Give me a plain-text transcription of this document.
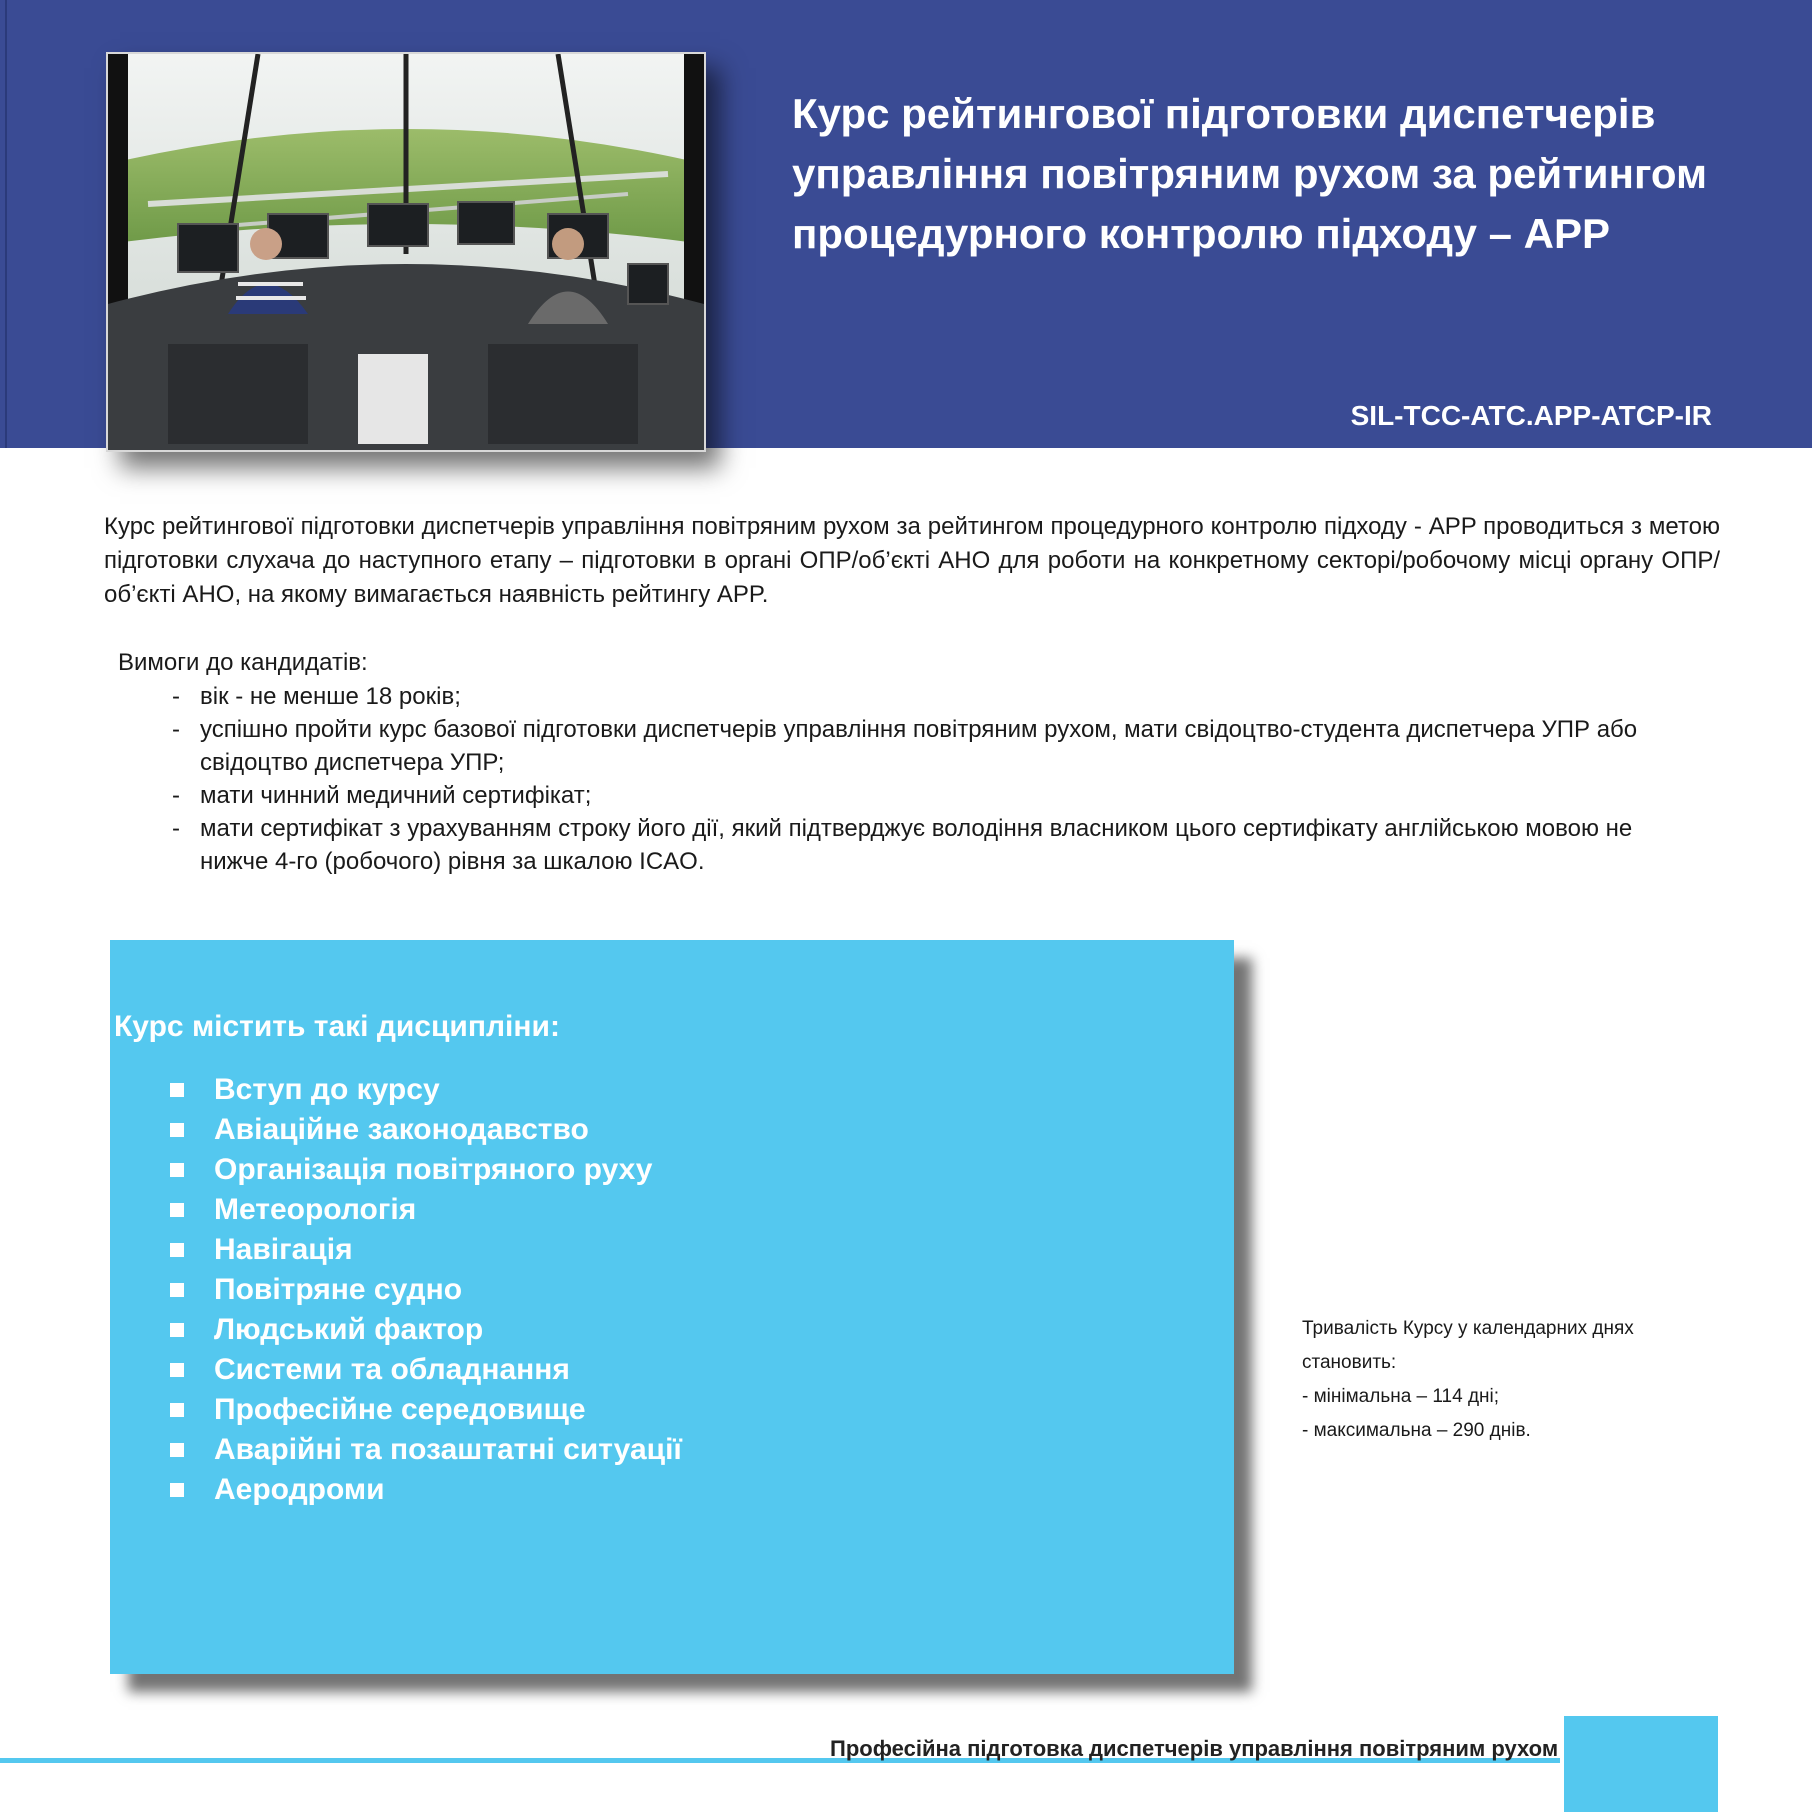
Курс рейтингової підготовки диспетчерів управління повітряним рухом за рейтингом процедурного контролю підходу – APP
SIL-TCC-ATC.APP-ATCP-IR

Курс рейтингової підготовки диспетчерів управління повітряним рухом за рейтингом процедурного контролю підходу - APP проводиться з метою підготовки слухача до наступного етапу – підготовки в органі ОПР/об’єкті АНО для роботи на конкретному секторі/робочому місці органу ОПР/об’єкті АНО, на якому вимагається наявність рейтингу APP.

Вимоги до кандидатів:
- вік - не менше 18 років;
- успішно пройти курс базової підготовки диспетчерів управління повітряним рухом, мати свідоцтво-студента диспетчера УПР або свідоцтво диспетчера УПР;
- мати чинний медичний сертифікат;
- мати сертифікат з урахуванням строку його дії, який підтверджує володіння власником цього сертифікату англійською мовою не нижче 4-го (робочого) рівня за шкалою ICAO.
Курс містить такі дисципліни:
Вступ до курсу
Авіаційне законодавство
Організація повітряного руху
Метеорологія
Навігація
Повітряне судно
Людський фактор
Системи та обладнання
Професійне середовище
Аварійні та позаштатні ситуації
Аеродроми
Тривалість Курсу у календарних днях
становить:
- мінімальна – 114 дні;
- максимальна – 290 днів.
Професійна підготовка диспетчерів управління повітряним рухом
